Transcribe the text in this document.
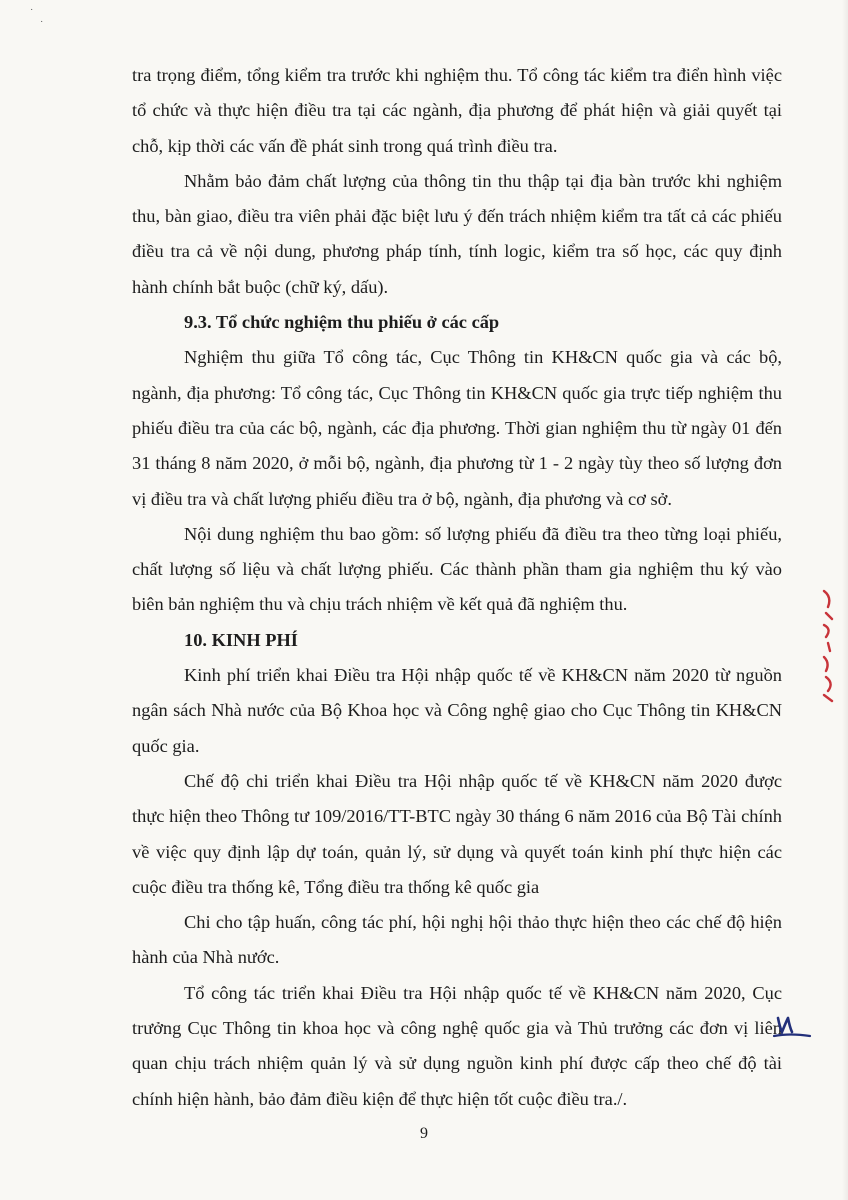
˙
˙

tra trọng điểm, tổng kiểm tra trước khi nghiệm thu. Tổ công tác kiểm tra điển hình việc tổ chức và thực hiện điều tra tại các ngành, địa phương để phát hiện và giải quyết tại chỗ, kịp thời các vấn đề phát sinh trong quá trình điều tra.

Nhằm bảo đảm chất lượng của thông tin thu thập tại địa bàn trước khi nghiệm thu, bàn giao, điều tra viên phải đặc biệt lưu ý đến trách nhiệm kiểm tra tất cả các phiếu điều tra cả về nội dung, phương pháp tính, tính logic, kiểm tra số học, các quy định hành chính bắt buộc (chữ ký, dấu).

9.3. Tổ chức nghiệm thu phiếu ở các cấp

Nghiệm thu giữa Tổ công tác, Cục Thông tin KH&CN quốc gia và các bộ, ngành, địa phương: Tổ công tác, Cục Thông tin KH&CN quốc gia trực tiếp nghiệm thu phiếu điều tra của các bộ, ngành, các địa phương. Thời gian nghiệm thu từ ngày 01 đến 31 tháng 8 năm 2020, ở mỗi bộ, ngành, địa phương từ 1 - 2 ngày tùy theo số lượng đơn vị điều tra và chất lượng phiếu điều tra ở bộ, ngành, địa phương và cơ sở.

Nội dung nghiệm thu bao gồm: số lượng phiếu đã điều tra theo từng loại phiếu, chất lượng số liệu và chất lượng phiếu. Các thành phần tham gia nghiệm thu ký vào biên bản nghiệm thu và chịu trách nhiệm về kết quả đã nghiệm thu.

10. KINH PHÍ

Kinh phí triển khai Điều tra Hội nhập quốc tế về KH&CN năm 2020 từ nguồn ngân sách Nhà nước của Bộ Khoa học và Công nghệ giao cho Cục Thông tin KH&CN quốc gia.

Chế độ chi triển khai Điều tra Hội nhập quốc tế về KH&CN năm 2020 được thực hiện theo Thông tư 109/2016/TT-BTC ngày 30 tháng 6 năm 2016 của Bộ Tài chính về việc quy định lập dự toán, quản lý, sử dụng và quyết toán kinh phí thực hiện các cuộc điều tra thống kê, Tổng điều tra thống kê quốc gia

Chi cho tập huấn, công tác phí, hội nghị hội thảo thực hiện theo các chế độ hiện hành của Nhà nước.

Tổ công tác triển khai Điều tra Hội nhập quốc tế về KH&CN năm 2020, Cục trưởng Cục Thông tin khoa học và công nghệ quốc gia và Thủ trưởng các đơn vị liên quan chịu trách nhiệm quản lý và sử dụng nguồn kinh phí được cấp theo chế độ tài chính hiện hành, bảo đảm điều kiện để thực hiện tốt cuộc điều tra./.

9
